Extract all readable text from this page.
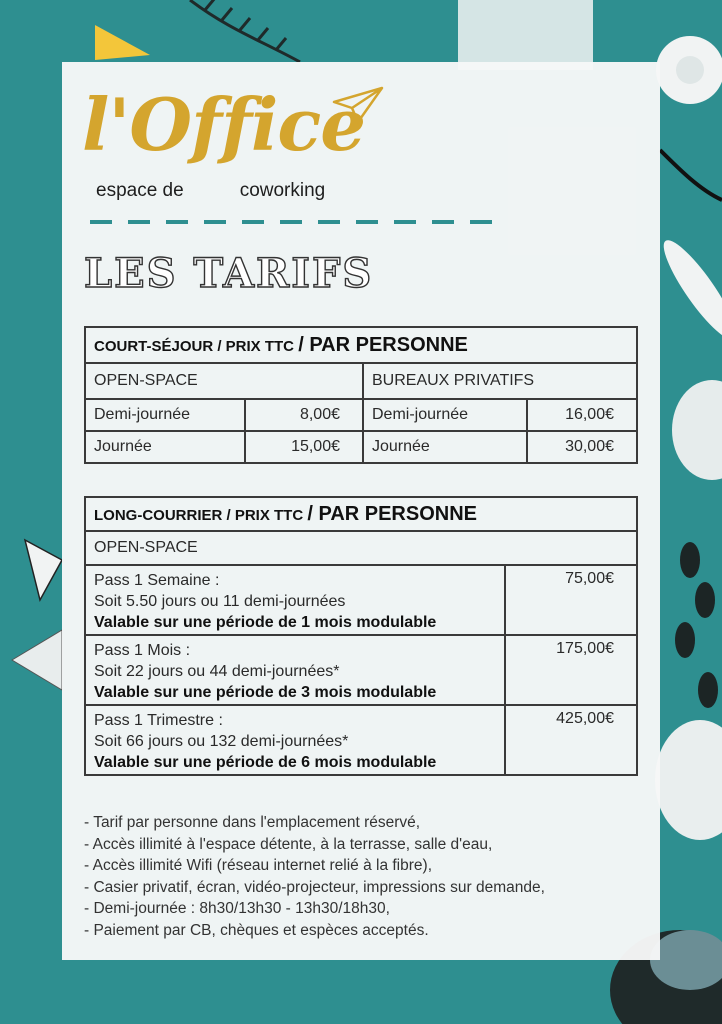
l'Office
espace de	coworking
LES TARIFS
COURT-SÉJOUR / PRIX TTC / PAR PERSONNE			
OPEN-SPACE		BUREAUX PRIVATIFS	
Demi-journée	8,00€	Demi-journée	16,00€
Journée	15,00€	Journée	30,00€
LONG-COURRIER / PRIX TTC / PAR PERSONNE	
OPEN-SPACE	

Pass 1 Semaine :
Soit 5.50 jours ou 11 demi-journées
Valable sur une période de 1 mois modulable	75,00€

Pass 1 Mois :
Soit 22 jours ou 44 demi-journées*
Valable sur une période de 3 mois modulable	175,00€

Pass 1 Trimestre :
Soit 66 jours ou 132 demi-journées*
Valable sur une période de 6 mois modulable	425,00€
- Tarif par personne dans l'emplacement réservé,
- Accès illimité à l'espace détente, à la terrasse, salle d'eau,
- Accès illimité Wifi (réseau internet relié à la fibre),
- Casier privatif, écran, vidéo-projecteur, impressions sur demande,
- Demi-journée : 8h30/13h30 - 13h30/18h30,
- Paiement par CB, chèques et espèces acceptés.
